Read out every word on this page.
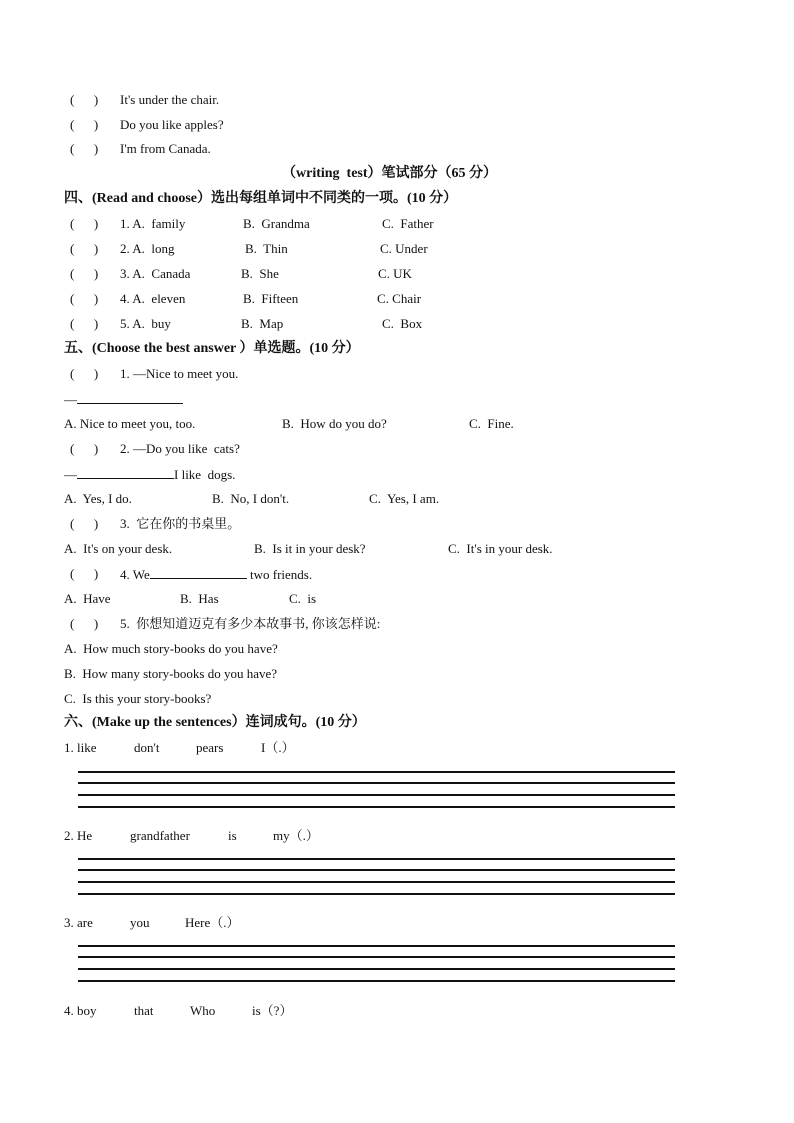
(      ) It's under the chair.
(      ) Do you like apples?
(      ) I'm from Canada.
（writing  test）笔试部分（65 分）
四、(Read and choose）选出每组单词中不同类的一项。(10 分）
(      ) 1. A.  family	B.  Grandma	C.  Father
(      ) 2. A.  long	B.  Thin	C. Under
(      ) 3. A.  Canada	B.  She	C. UK
(      ) 4. A.  eleven	B.  Fifteen	C. Chair
(      ) 5. A.  buy	B.  Map	C.  Box
五、(Choose the best answer ）单选题。(10 分）
(      ) 1. —Nice to meet you.
—
A. Nice to meet you, too.	B.  How do you do?	C.  Fine.
(      ) 2. —Do you like  cats?
—	I like  dogs.
A.  Yes, I do.	B.  No, I don't.	C.  Yes, I am.
(      ) 3.  它在你的书桌里。
A.  It's on your desk.	B.  Is it in your desk?	C.  It's in your desk.
(      ) 4. We	two friends.
A.  Have	B.  Has	C.  is
(      ) 5.  你想知道迈克有多少本故事书, 你该怎样说:
A.  How much story-books do you have?
B.  How many story-books do you have?
C.  Is this your story-books?
六、(Make up the sentences）连词成句。(10 分）
1. like	don't	pears	I（.）
2. He	grandfather	is	my（.）
3. are	you	Here（.）
4. boy	that	Who	is（?）
